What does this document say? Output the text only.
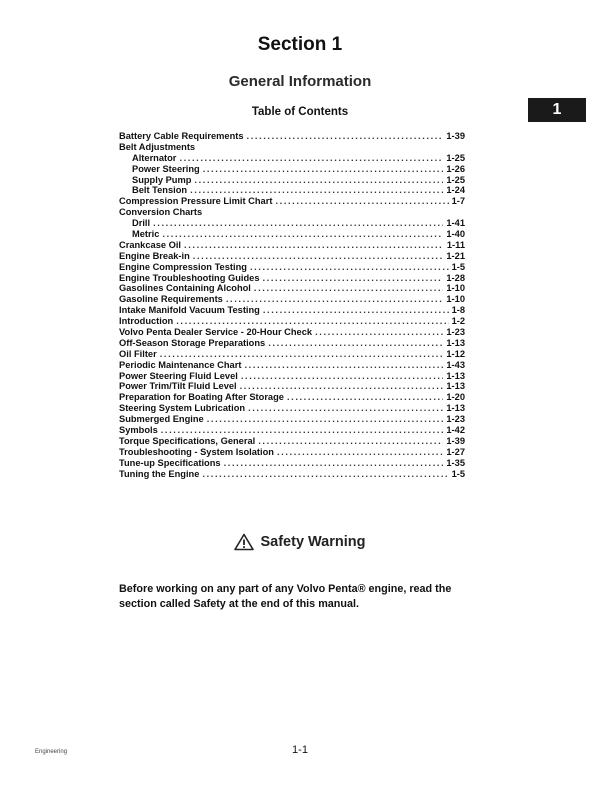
Section 1
General Information
Table of Contents	1
Battery Cable Requirements .....	1-39
Belt Adjustments
Alternator .....	1-25
Power Steering .....	1-26
Supply Pump .....	1-25
Belt Tension .....	1-24
Compression Pressure Limit Chart .....	1-7
Conversion Charts
Drill .....	1-41
Metric .....	1-40
Crankcase Oil .....	1-11
Engine Break-in .....	1-21
Engine Compression Testing .....	1-5
Engine Troubleshooting Guides .....	1-28
Gasolines Containing Alcohol .....	1-10
Gasoline Requirements .....	1-10
Intake Manifold Vacuum Testing .....	1-8
Introduction .....	1-2
Volvo Penta Dealer Service - 20-Hour Check .....	1-23
Off-Season Storage Preparations .....	1-13
Oil Filter .....	1-12
Periodic Maintenance Chart .....	1-43
Power Steering Fluid Level .....	1-13
Power Trim/Tilt Fluid Level .....	1-13
Preparation for Boating After Storage .....	1-20
Steering System Lubrication .....	1-13
Submerged Engine .....	1-23
Symbols .....	1-42
Torque Specifications, General .....	1-39
Troubleshooting - System Isolation .....	1-27
Tune-up Specifications .....	1-35
Tuning the Engine .....	1-5
Safety Warning
Before working on any part of any Volvo Penta® engine, read the section called Safety at the end of this manual.
Engineering	1-1
